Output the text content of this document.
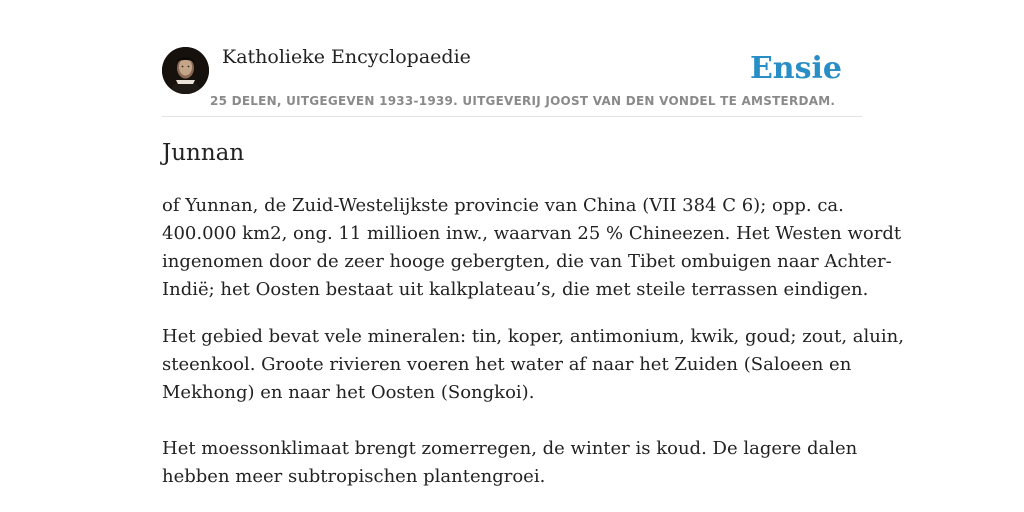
Katholieke Encyclopaedie
25 DELEN, UITGEGEVEN 1933-1939. UITGEVERIJ JOOST VAN DEN VONDEL TE AMSTERDAM.
Ensie
Junnan

of Yunnan, de Zuid-Westelijkste provincie van China (VII 384 C 6); opp. ca.
400.000 km2, ong. 11 millioen inw., waarvan 25 % Chineezen. Het Westen wordt
ingenomen door de zeer hooge gebergten, die van Tibet ombuigen naar Achter-
Indië; het Oosten bestaat uit kalkplateau’s, die met steile terrassen eindigen.

Het gebied bevat vele mineralen: tin, koper, antimonium, kwik, goud; zout, aluin,
steenkool. Groote rivieren voeren het water af naar het Zuiden (Saloeen en
Mekhong) en naar het Oosten (Songkoi).

Het moessonklimaat brengt zomerregen, de winter is koud. De lagere dalen
hebben meer subtropischen plantengroei.
